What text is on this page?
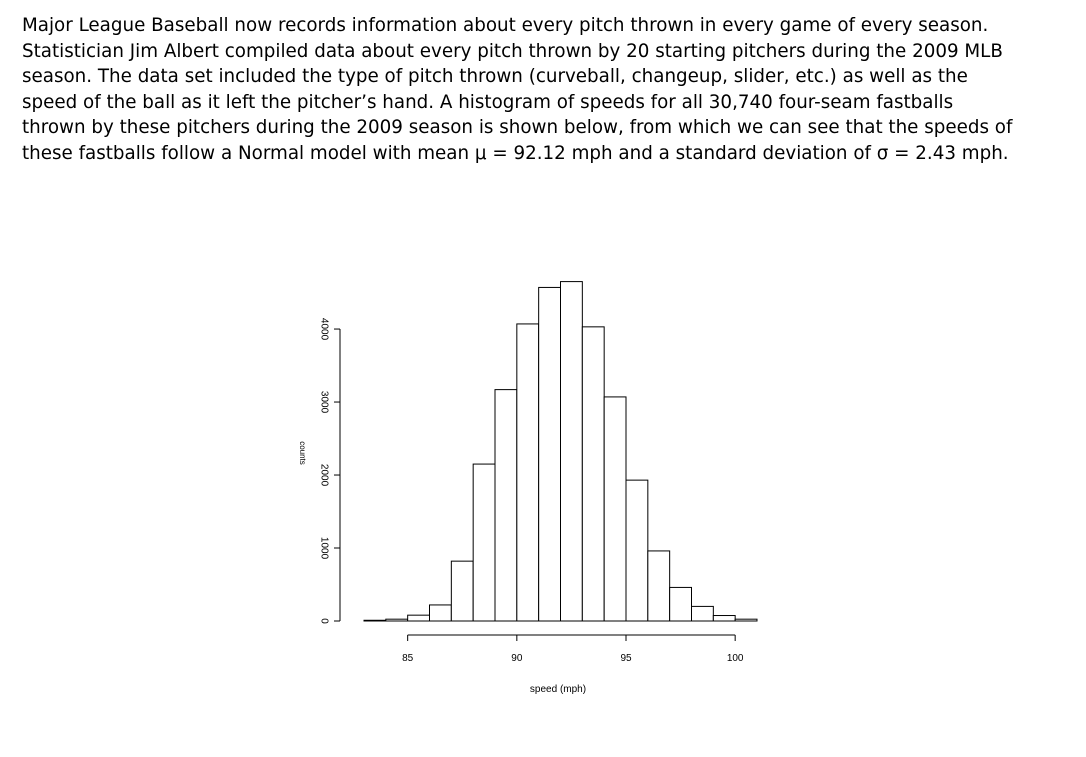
Major League Baseball now records information about every pitch thrown in every game of every season.
Statistician Jim Albert compiled data about every pitch thrown by 20 starting pitchers during the 2009 MLB
season. The data set included the type of pitch thrown (curveball, changeup, slider, etc.) as well as the
speed of the ball as it left the pitcher’s hand. A histogram of speeds for all 30,740 four-seam fastballs
thrown by these pitchers during the 2009 season is shown below, from which we can see that the speeds of
these fastballs follow a Normal model with mean μ = 92.12 mph and a standard deviation of σ = 2.43 mph.
85	90	95	100
0
1000
2000
3000
4000
speed (mph)
counts
